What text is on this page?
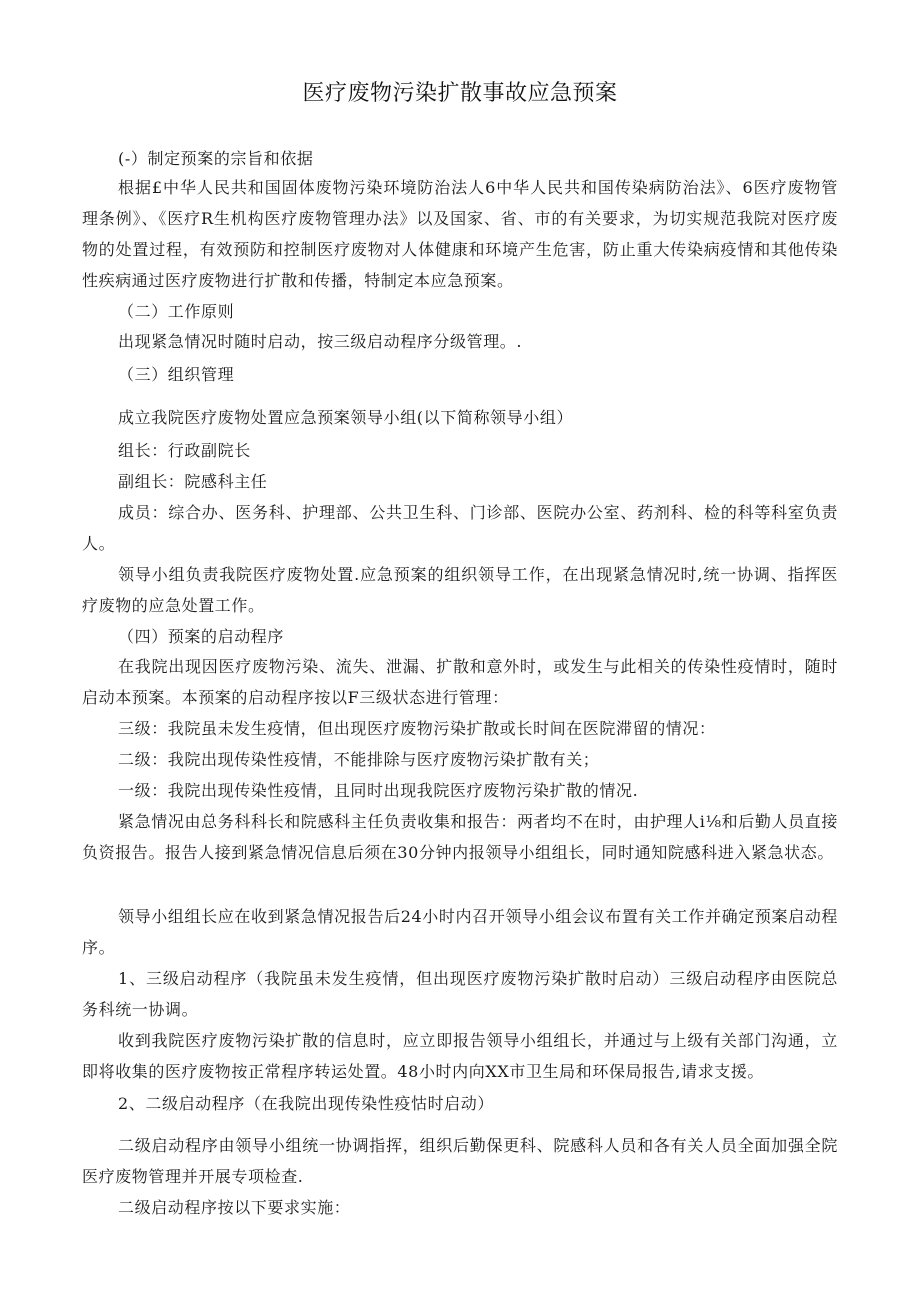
医疗废物污染扩散事故应急预案

(-）制定预案的宗旨和依据

根据£中华人民共和国固体废物污染环境防治法人6中华人民共和国传染病防治法》、6医疗废物管理条例》、《医疗R生机构医疗废物管理办法》以及国家、省、市的有关要求，为切实规范我院对医疗废物的处置过程，有效预防和控制医疗废物对人体健康和环境产生危害，防止重大传染病疫情和其他传染性疾病通过医疗废物进行扩散和传播，特制定本应急预案。

（二）工作原则

出现紧急情况时随时启动，按三级启动程序分级管理。.

（三）组织管理

成立我院医疗废物处置应急预案领导小组(以下简称领导小组）

组长：行政副院长

副组长：院感科主任

成员：综合办、医务科、护理部、公共卫生科、门诊部、医院办公室、药剂科、检的科等科室负责人。

领导小组负责我院医疗废物处置.应急预案的组织领导工作，在出现紧急情况时,统一协调、指挥医疗废物的应急处置工作。

（四）预案的启动程序

在我院出现因医疗废物污染、流失、泄漏、扩散和意外时，或发生与此相关的传染性疫情时，随时启动本预案。本预案的启动程序按以F三级状态进行管理：

三级：我院虽未发生疫情，但出现医疗废物污染扩散或长时间在医院滞留的情况：

二级：我院出现传染性疫情，不能排除与医疗废物污染扩散有关；

一级：我院出现传染性疫情，且同时出现我院医疗废物污染扩散的情况.

紧急情况由总务科科长和院感科主任负责收集和报告：两者均不在时，由护理人i⅛和后勤人员直接负资报告。报告人接到紧急情况信息后须在30分钟内报领导小组组长，同时通知院感科进入紧急状态。

领导小组组长应在收到紧急情况报告后24小时内召开领导小组会议布置有关工作并确定预案启动程序。

1、三级启动程序（我院虽未发生疫情，但出现医疗废物污染扩散时启动）三级启动程序由医院总务科统一协调。

收到我院医疗废物污染扩散的信息时，应立即报告领导小组组长，并通过与上级有关部门沟通，立即将收集的医疗废物按正常程序转运处置。48小时内向XX市卫生局和环保局报告,请求支援。

2、二级启动程序（在我院出现传染性疫怙时启动）

二级启动程序由领导小组统一协调指挥，组织后勤保更科、院感科人员和各有关人员全面加强全院医疗废物管理并开展专项检查.

二级启动程序按以下要求实施：
